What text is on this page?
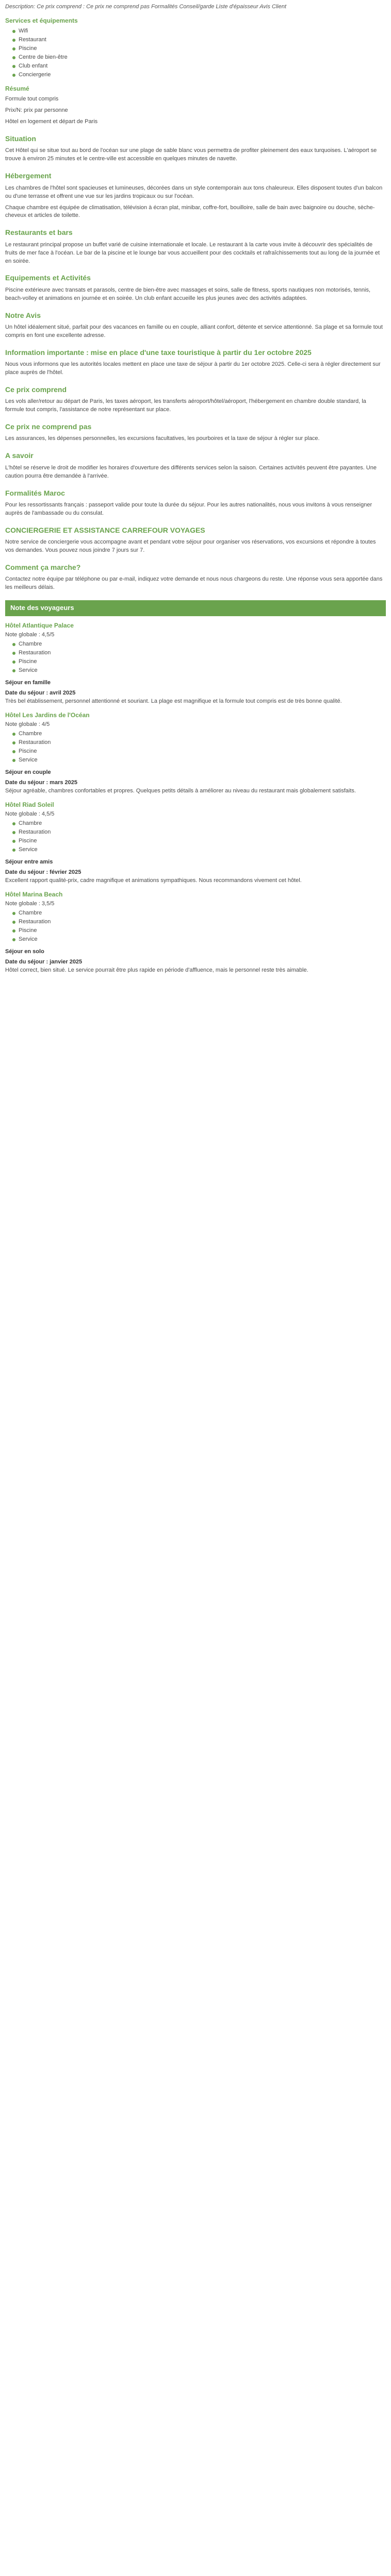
Description: Ce prix comprend : Ce prix ne comprend pas Formalités Conseil/garde Liste d'épaisseur Avis Client

Services et équipements
Wifi
Restaurant
Piscine
Centre de bien-être
Club enfant
Conciergerie
Résumé

Formule tout compris

Prix/N: prix par personne

Hôtel en logement et départ de Paris

Situation

Cet Hôtel qui se situe tout au bord de l'océan sur une plage de sable blanc vous permettra de profiter pleinement des eaux turquoises. L'aéroport se trouve à environ 25 minutes et le centre-ville est accessible en quelques minutes de navette.

Hébergement

Les chambres de l'hôtel sont spacieuses et lumineuses, décorées dans un style contemporain aux tons chaleureux. Elles disposent toutes d'un balcon ou d'une terrasse et offrent une vue sur les jardins tropicaux ou sur l'océan.

Chaque chambre est équipée de climatisation, télévision à écran plat, minibar, coffre-fort, bouilloire, salle de bain avec baignoire ou douche, sèche-cheveux et articles de toilette.

Restaurants et bars

Le restaurant principal propose un buffet varié de cuisine internationale et locale. Le restaurant à la carte vous invite à découvrir des spécialités de fruits de mer face à l'océan. Le bar de la piscine et le lounge bar vous accueillent pour des cocktails et rafraîchissements tout au long de la journée et en soirée.

Equipements et Activités

Piscine extérieure avec transats et parasols, centre de bien-être avec massages et soins, salle de fitness, sports nautiques non motorisés, tennis, beach-volley et animations en journée et en soirée. Un club enfant accueille les plus jeunes avec des activités adaptées.

Notre Avis

Un hôtel idéalement situé, parfait pour des vacances en famille ou en couple, alliant confort, détente et service attentionné. Sa plage et sa formule tout compris en font une excellente adresse.

Information importante : mise en place d'une taxe touristique à partir du 1er octobre 2025

Nous vous informons que les autorités locales mettent en place une taxe de séjour à partir du 1er octobre 2025. Celle-ci sera à régler directement sur place auprès de l'hôtel.

Ce prix comprend

Les vols aller/retour au départ de Paris, les taxes aéroport, les transferts aéroport/hôtel/aéroport, l'hébergement en chambre double standard, la formule tout compris, l'assistance de notre représentant sur place.

Ce prix ne comprend pas

Les assurances, les dépenses personnelles, les excursions facultatives, les pourboires et la taxe de séjour à régler sur place.

A savoir

L'hôtel se réserve le droit de modifier les horaires d'ouverture des différents services selon la saison. Certaines activités peuvent être payantes. Une caution pourra être demandée à l'arrivée.

Formalités Maroc

Pour les ressortissants français : passeport valide pour toute la durée du séjour. Pour les autres nationalités, nous vous invitons à vous renseigner auprès de l'ambassade ou du consulat.

CONCIERGERIE ET ASSISTANCE CARREFOUR VOYAGES

Notre service de conciergerie vous accompagne avant et pendant votre séjour pour organiser vos réservations, vos excursions et répondre à toutes vos demandes. Vous pouvez nous joindre 7 jours sur 7.

Comment ça marche?

Contactez notre équipe par téléphone ou par e-mail, indiquez votre demande et nous nous chargeons du reste. Une réponse vous sera apportée dans les meilleurs délais.

Note des voyageurs
Hôtel Atlantique Palace
Note globale : 4,5/5
Chambre
Restauration
Piscine
Service
Séjour en famille
Date du séjour : avril 2025

Très bel établissement, personnel attentionné et souriant. La plage est magnifique et la formule tout compris est de très bonne qualité.

Hôtel Les Jardins de l'Océan
Note globale : 4/5
Chambre
Restauration
Piscine
Service
Séjour en couple
Date du séjour : mars 2025

Séjour agréable, chambres confortables et propres. Quelques petits détails à améliorer au niveau du restaurant mais globalement satisfaits.

Hôtel Riad Soleil
Note globale : 4,5/5
Chambre
Restauration
Piscine
Service
Séjour entre amis
Date du séjour : février 2025

Excellent rapport qualité-prix, cadre magnifique et animations sympathiques. Nous recommandons vivement cet hôtel.

Hôtel Marina Beach
Note globale : 3,5/5
Chambre
Restauration
Piscine
Service
Séjour en solo
Date du séjour : janvier 2025

Hôtel correct, bien situé. Le service pourrait être plus rapide en période d'affluence, mais le personnel reste très aimable.
